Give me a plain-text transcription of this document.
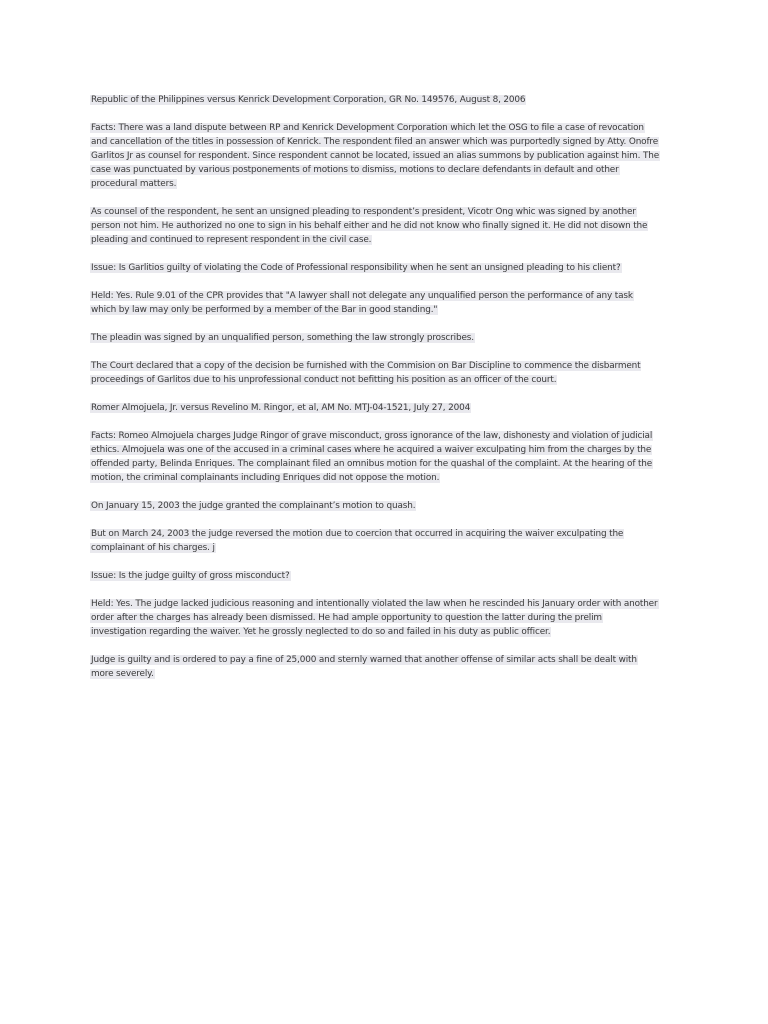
Republic of the Philippines versus Kenrick Development Corporation, GR No. 149576, August 8, 2006

Facts: There was a land dispute between RP and Kenrick Development Corporation which let the OSG to file a case of revocation and cancellation of the titles in possession of Kenrick. The respondent filed an answer which was purportedly signed by Atty. Onofre Garlitos Jr as counsel for respondent. Since respondent cannot be located, issued an alias summons by publication against him. The case was punctuated by various postponements of motions to dismiss, motions to declare defendants in default and other procedural matters.

As counsel of the respondent, he sent an unsigned pleading to respondent’s president, Vicotr Ong whic was signed by another person not him. He authorized no one to sign in his behalf either and he did not know who finally signed it. He did not disown the pleading and continued to represent respondent in the civil case.

Issue: Is Garlitios guilty of violating the Code of Professional responsibility when he sent an unsigned pleading to his client?

Held: Yes. Rule 9.01 of the CPR provides that "A lawyer shall not delegate any unqualified person the performance of any task which by law may only be performed by a member of the Bar in good standing."

The pleadin was signed by an unqualified person, something the law strongly proscribes.

The Court declared that a copy of the decision be furnished with the Commision on Bar Discipline to commence the disbarment proceedings of Garlitos due to his unprofessional conduct not befitting his position as an officer of the court.

Romer Almojuela, Jr. versus Revelino M. Ringor, et al, AM No. MTJ-04-1521, July 27, 2004

Facts: Romeo Almojuela charges Judge Ringor of grave misconduct, gross ignorance of the law, dishonesty and violation of judicial ethics. Almojuela was one of the accused in a criminal cases where he acquired a waiver exculpating him from the charges by the offended party, Belinda Enriques. The complainant filed an omnibus motion for the quashal of the complaint. At the hearing of the motion, the criminal complainants including Enriques did not oppose the motion.

On January 15, 2003 the judge granted the complainant’s motion to quash.

But on March 24, 2003 the judge reversed the motion due to coercion that occurred in acquiring the waiver exculpating the complainant of his charges. j

Issue: Is the judge guilty of gross misconduct?

Held: Yes. The judge lacked judicious reasoning and intentionally violated the law when he rescinded his January order with another order after the charges has already been dismissed. He had ample opportunity to question the latter during the prelim investigation regarding the waiver. Yet he grossly neglected to do so and failed in his duty as public officer.

Judge is guilty and is ordered to pay a fine of 25,000 and sternly warned that another offense of similar acts shall be dealt with more severely.
